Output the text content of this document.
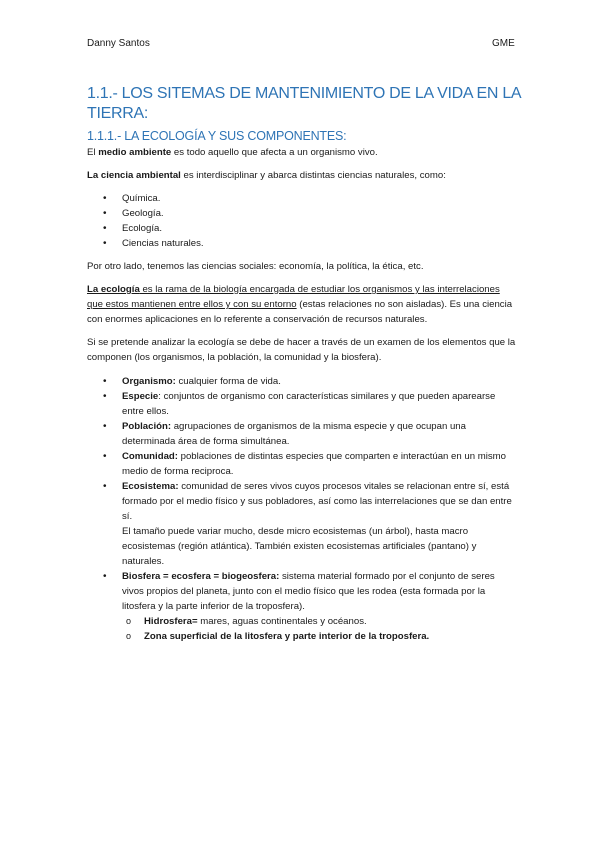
Danny Santos	GME
1.1.- LOS SITEMAS DE MANTENIMIENTO DE LA VIDA EN LA TIERRA:
1.1.1.- LA ECOLOGÍA Y SUS COMPONENTES:

El medio ambiente es todo aquello que afecta a un organismo vivo.

La ciencia ambiental es interdisciplinar y abarca distintas ciencias naturales, como:

• Química.
• Geología.
• Ecología.
• Ciencias naturales.

Por otro lado, tenemos las ciencias sociales: economía, la política, la ética, etc.

La ecología es la rama de la biología encargada de estudiar los organismos y las interrelaciones que estos mantienen entre ellos y con su entorno (estas relaciones no son aisladas). Es una ciencia con enormes aplicaciones en lo referente a conservación de recursos naturales.

Si se pretende analizar la ecología se debe de hacer a través de un examen de los elementos que la componen (los organismos, la población, la comunidad y la biosfera).

• Organismo: cualquier forma de vida.
• Especie: conjuntos de organismo con características similares y que pueden aparearse entre ellos.
• Población: agrupaciones de organismos de la misma especie y que ocupan una determinada área de forma simultánea.
• Comunidad: poblaciones de distintas especies que comparten e interactúan en un mismo medio de forma reciproca.
• Ecosistema: comunidad de seres vivos cuyos procesos vitales se relacionan entre sí, está formado por el medio físico y sus pobladores, así como las interrelaciones que se dan entre sí.
El tamaño puede variar mucho, desde micro ecosistemas (un árbol), hasta macro ecosistemas (región atlántica). También existen ecosistemas artificiales (pantano) y naturales.
• Biosfera = ecosfera = biogeosfera: sistema material formado por el conjunto de seres vivos propios del planeta, junto con el medio físico que les rodea (esta formada por la litosfera y la parte inferior de la troposfera).
o Hidrosfera= mares, aguas continentales y océanos.
o Zona superficial de la litosfera y parte interior de la troposfera.
